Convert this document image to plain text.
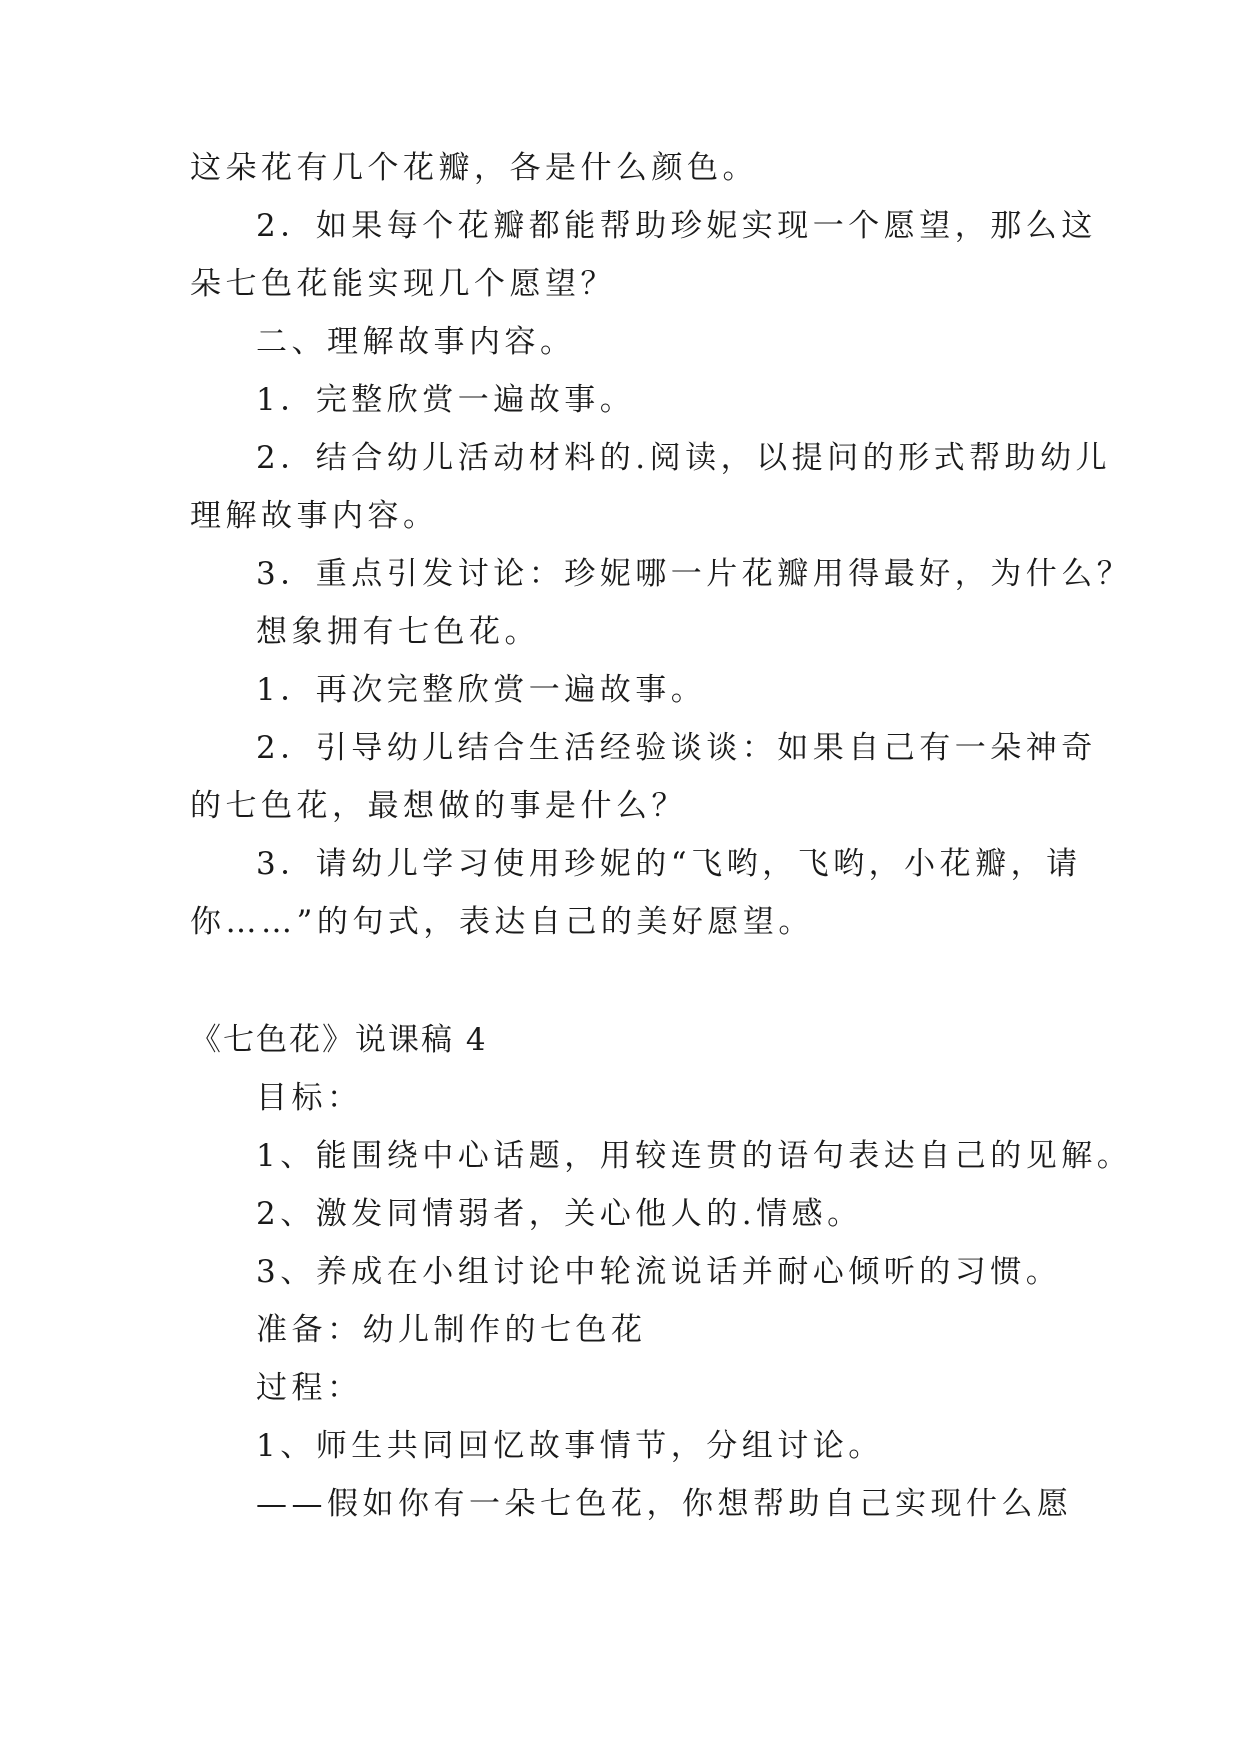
这朵花有几个花瓣，各是什么颜色。
2．如果每个花瓣都能帮助珍妮实现一个愿望，那么这
朵七色花能实现几个愿望？
二、理解故事内容。
1．完整欣赏一遍故事。
2．结合幼儿活动材料的.阅读，以提问的形式帮助幼儿
理解故事内容。
3．重点引发讨论：珍妮哪一片花瓣用得最好，为什么？
想象拥有七色花。
1．再次完整欣赏一遍故事。
2．引导幼儿结合生活经验谈谈：如果自己有一朵神奇
的七色花，最想做的事是什么？
3．请幼儿学习使用珍妮的“飞哟，飞哟，小花瓣，请
你……”的句式，表达自己的美好愿望。
《七色花》说课稿 4
目标：
1、能围绕中心话题，用较连贯的语句表达自己的见解。
2、激发同情弱者，关心他人的.情感。
3、养成在小组讨论中轮流说话并耐心倾听的习惯。
准备：幼儿制作的七色花
过程：
1、师生共同回忆故事情节，分组讨论。
——假如你有一朵七色花，你想帮助自己实现什么愿
